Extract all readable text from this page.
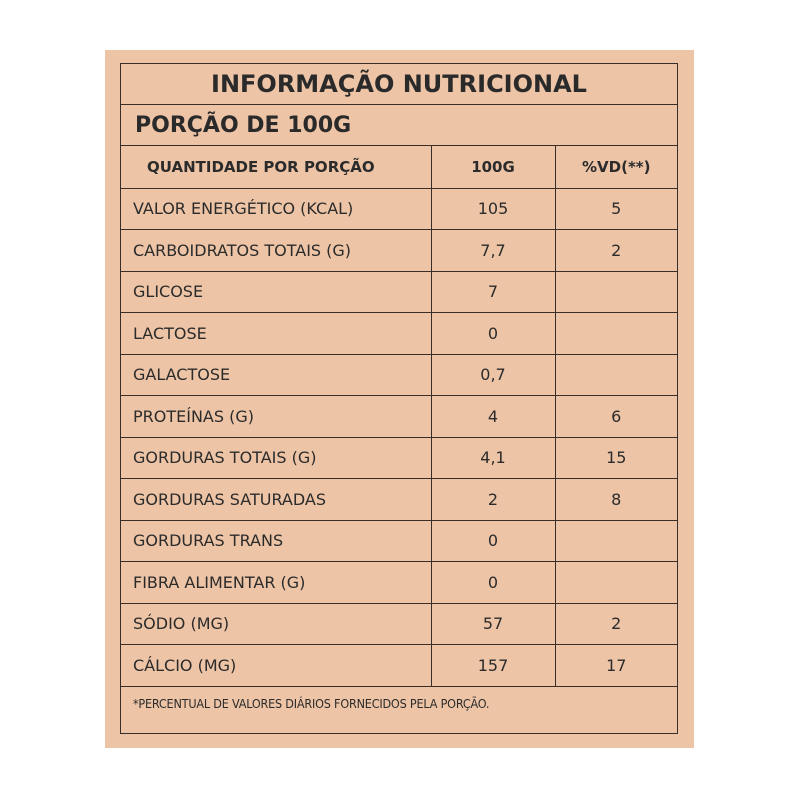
INFORMAÇÃO NUTRICIONAL
PORÇÃO DE 100G
QUANTIDADE POR PORÇÃO	100G	%VD(**)
VALOR ENERGÉTICO (KCAL)	105	5
CARBOIDRATOS TOTAIS (G)	7,7	2
GLICOSE	7	
LACTOSE	0	
GALACTOSE	0,7	
PROTEÍNAS (G)	4	6
GORDURAS TOTAIS (G)	4,1	15
GORDURAS SATURADAS	2	8
GORDURAS TRANS	0	
FIBRA ALIMENTAR (G)	0	
SÓDIO (MG)	57	2
CÁLCIO (MG)	157	17
*PERCENTUAL DE VALORES DIÁRIOS FORNECIDOS PELA PORÇÃO.
